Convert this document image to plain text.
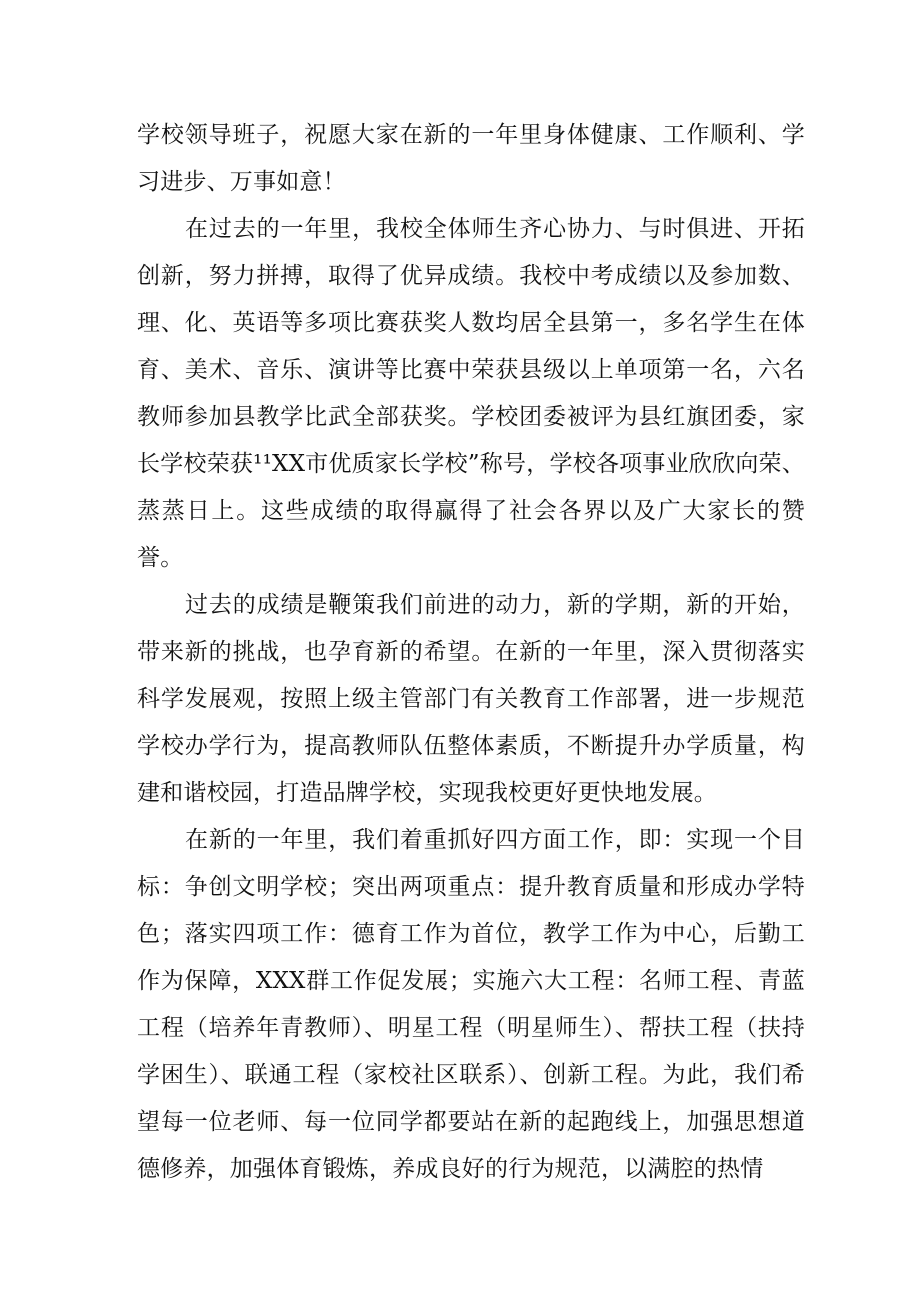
学校领导班子，祝愿大家在新的一年里身体健康、工作顺利、学习进步、万事如意！

在过去的一年里，我校全体师生齐心协力、与时俱进、开拓创新，努力拼搏，取得了优异成绩。我校中考成绩以及参加数、理、化、英语等多项比赛获奖人数均居全县第一，多名学生在体育、美术、音乐、演讲等比赛中荣获县级以上单项第一名，六名教师参加县教学比武全部获奖。学校团委被评为县红旗团委，家长学校荣获¹¹XX市优质家长学校”称号，学校各项事业欣欣向荣、蒸蒸日上。这些成绩的取得赢得了社会各界以及广大家长的赞誉。

过去的成绩是鞭策我们前进的动力，新的学期，新的开始，带来新的挑战，也孕育新的希望。在新的一年里，深入贯彻落实科学发展观，按照上级主管部门有关教育工作部署，进一步规范学校办学行为，提高教师队伍整体素质，不断提升办学质量，构建和谐校园，打造品牌学校，实现我校更好更快地发展。

在新的一年里，我们着重抓好四方面工作，即：实现一个目标：争创文明学校；突出两项重点：提升教育质量和形成办学特色；落实四项工作：德育工作为首位，教学工作为中心，后勤工作为保障，XXX群工作促发展；实施六大工程：名师工程、青蓝工程（培养年青教师）、明星工程（明星师生）、帮扶工程（扶持学困生）、联通工程（家校社区联系）、创新工程。为此，我们希望每一位老师、每一位同学都要站在新的起跑线上，加强思想道德修养，加强体育锻炼，养成良好的行为规范，以满腔的热情
